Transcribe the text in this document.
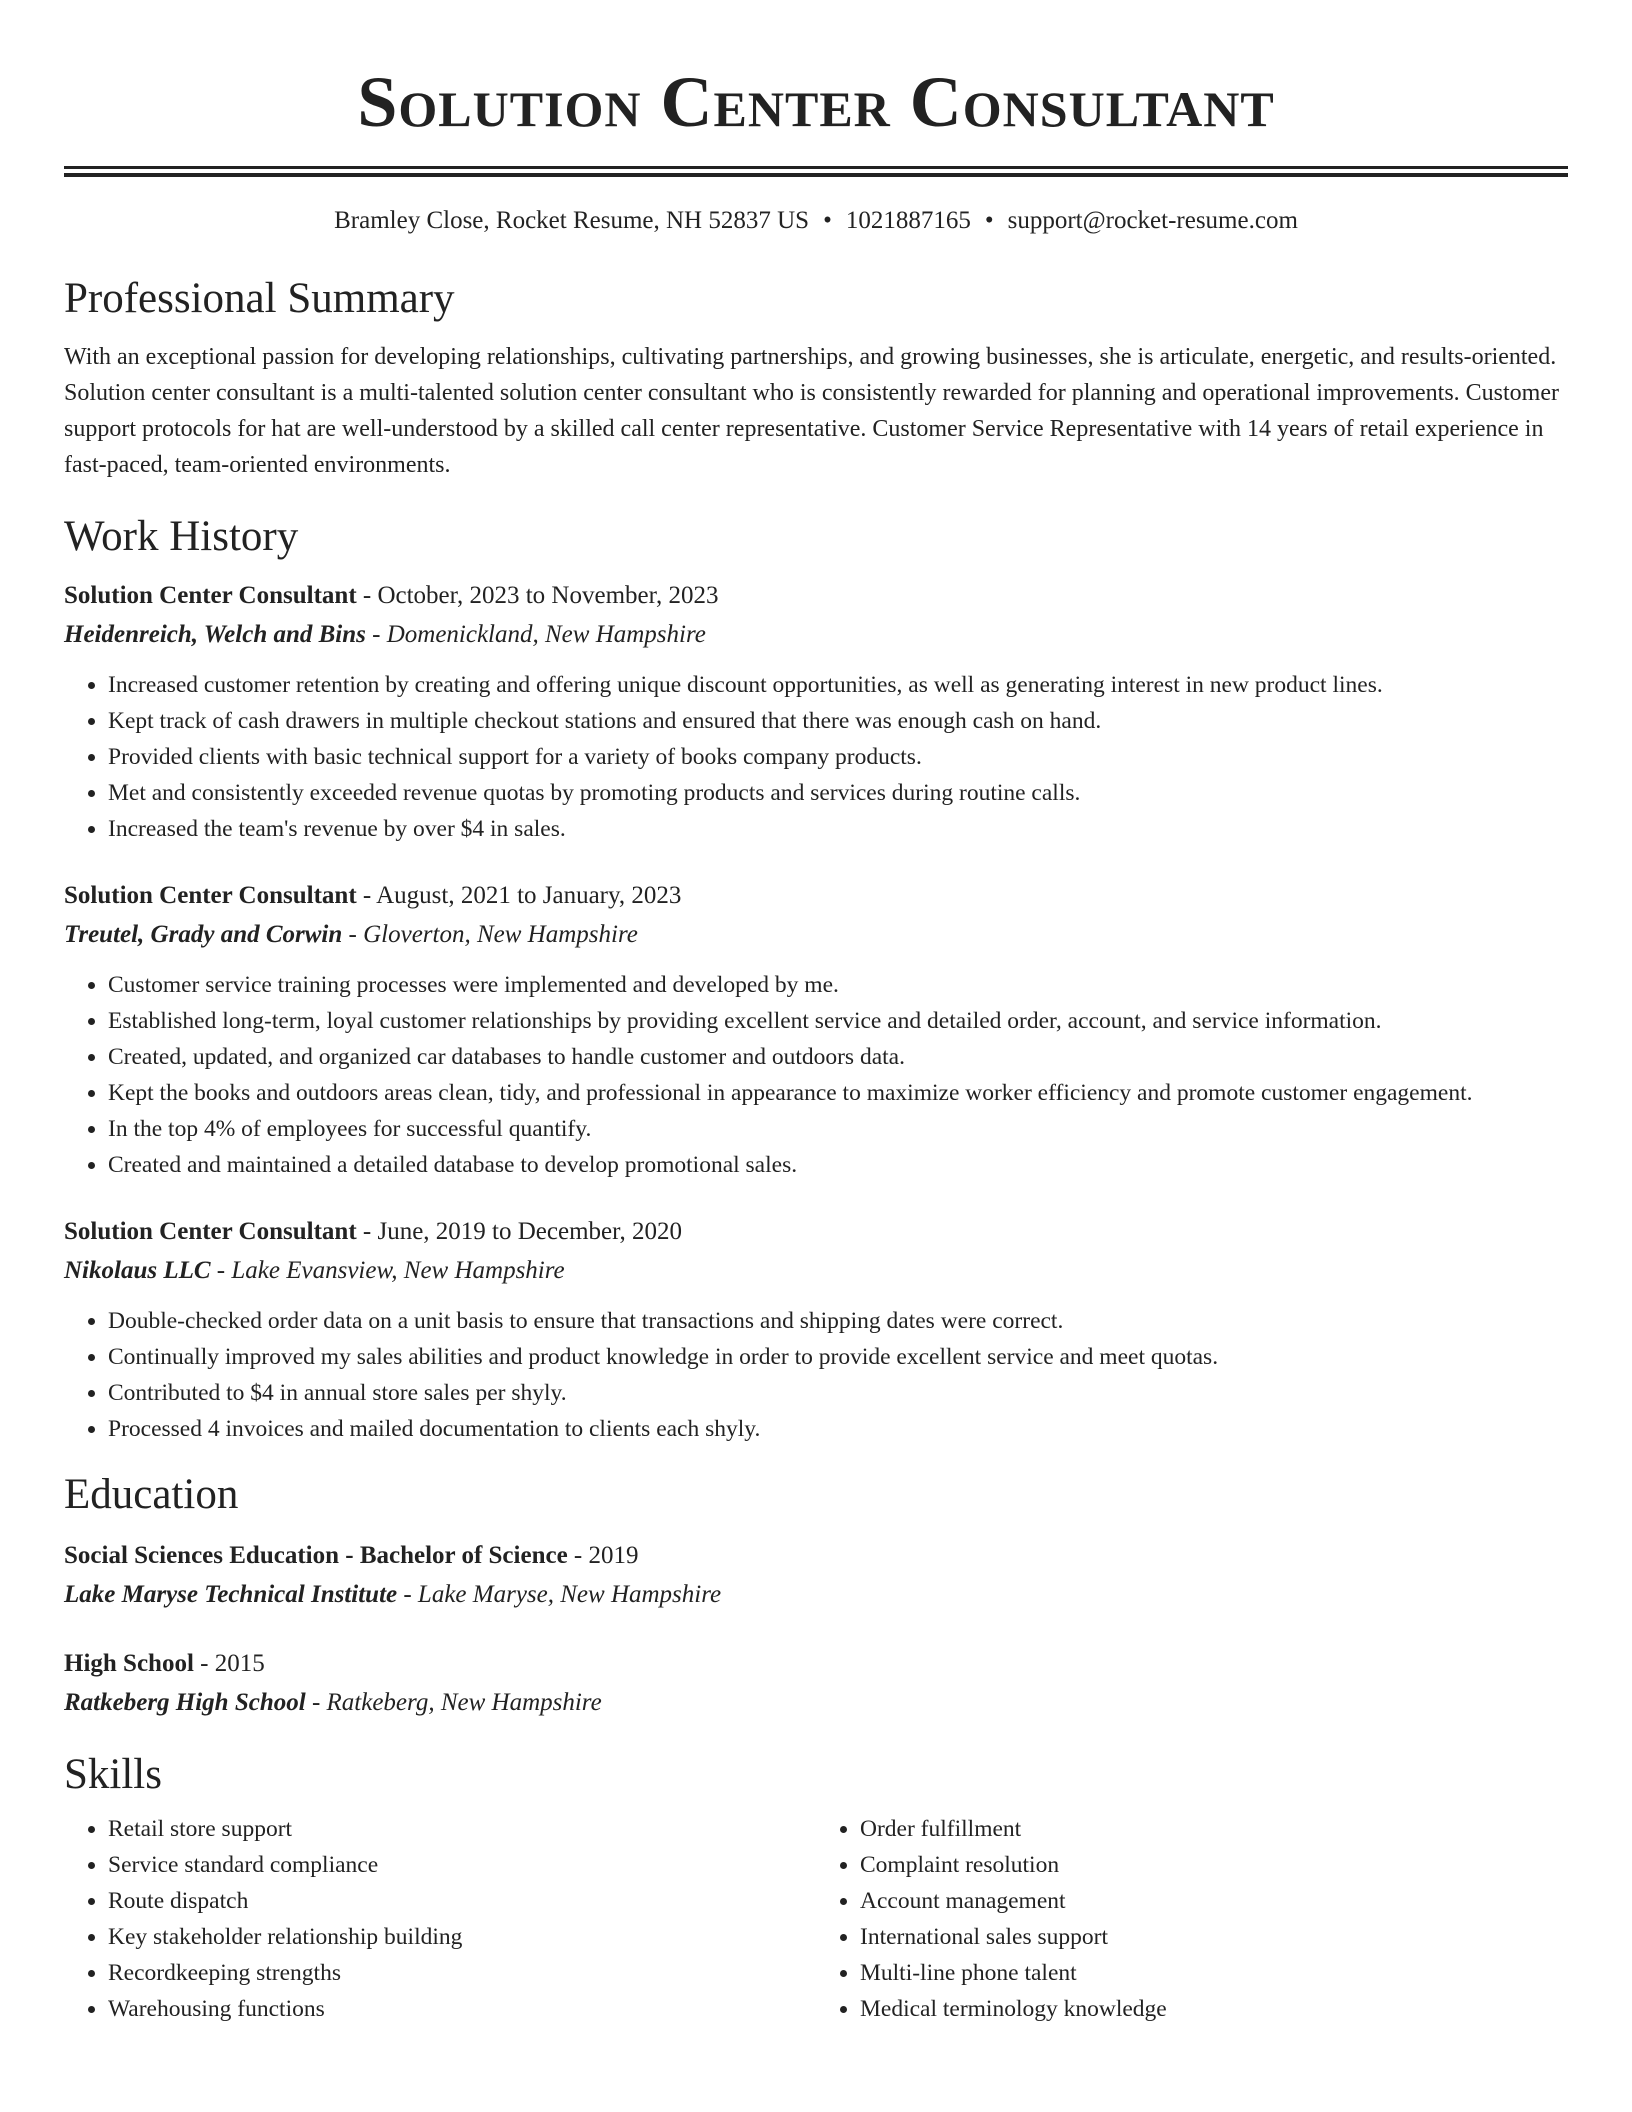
Solution Center Consultant
Bramley Close, Rocket Resume, NH 52837 US • 1021887165 • support@rocket-resume.com
Professional Summary

With an exceptional passion for developing relationships, cultivating partnerships, and growing businesses, she is articulate, energetic, and results-oriented. Solution center consultant is a multi-talented solution center consultant who is consistently rewarded for planning and operational improvements. Customer support protocols for hat are well-understood by a skilled call center representative. Customer Service Representative with 14 years of retail experience in fast-paced, team-oriented environments.

Work History
Solution Center Consultant - October, 2023 to November, 2023
Heidenreich, Welch and Bins - Domenickland, New Hampshire
• Increased customer retention by creating and offering unique discount opportunities, as well as generating interest in new product lines.
• Kept track of cash drawers in multiple checkout stations and ensured that there was enough cash on hand.
• Provided clients with basic technical support for a variety of books company products.
• Met and consistently exceeded revenue quotas by promoting products and services during routine calls.
• Increased the team's revenue by over $4 in sales.
Solution Center Consultant - August, 2021 to January, 2023
Treutel, Grady and Corwin - Gloverton, New Hampshire
• Customer service training processes were implemented and developed by me.
• Established long-term, loyal customer relationships by providing excellent service and detailed order, account, and service information.
• Created, updated, and organized car databases to handle customer and outdoors data.
• Kept the books and outdoors areas clean, tidy, and professional in appearance to maximize worker efficiency and promote customer engagement.
• In the top 4% of employees for successful quantify.
• Created and maintained a detailed database to develop promotional sales.
Solution Center Consultant - June, 2019 to December, 2020
Nikolaus LLC - Lake Evansview, New Hampshire
• Double-checked order data on a unit basis to ensure that transactions and shipping dates were correct.
• Continually improved my sales abilities and product knowledge in order to provide excellent service and meet quotas.
• Contributed to $4 in annual store sales per shyly.
• Processed 4 invoices and mailed documentation to clients each shyly.
Education
Social Sciences Education - Bachelor of Science - 2019
Lake Maryse Technical Institute - Lake Maryse, New Hampshire
High School - 2015
Ratkeberg High School - Ratkeberg, New Hampshire
Skills
• Retail store support
• Service standard compliance
• Route dispatch
• Key stakeholder relationship building
• Recordkeeping strengths
• Warehousing functions
• Order fulfillment
• Complaint resolution
• Account management
• International sales support
• Multi-line phone talent
• Medical terminology knowledge
